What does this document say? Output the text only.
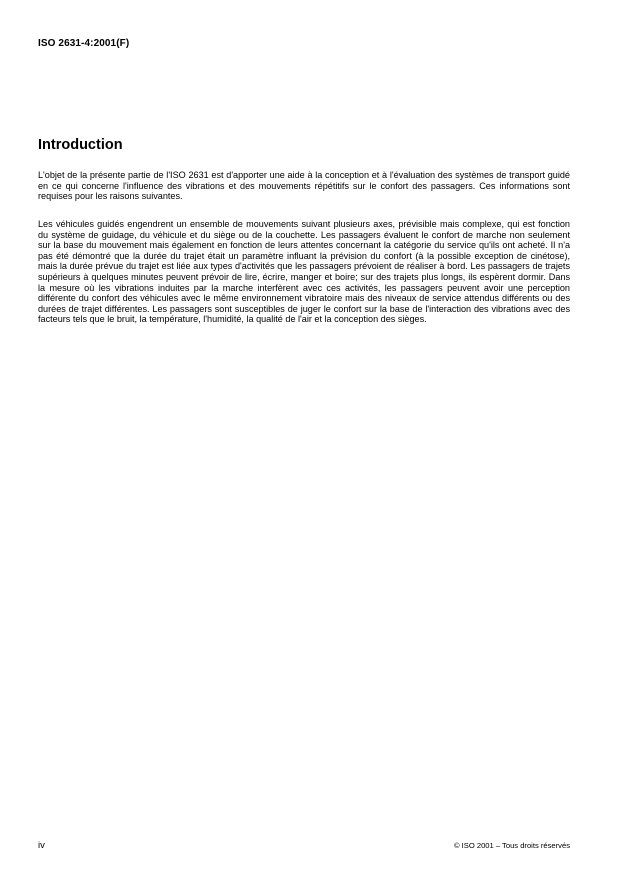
ISO 2631-4:2001(F)
Introduction

L'objet de la présente partie de l'ISO 2631 est d'apporter une aide à la conception et à l'évaluation des systèmes de transport guidé en ce qui concerne l'influence des vibrations et des mouvements répétitifs sur le confort des passagers. Ces informations sont requises pour les raisons suivantes.

Les véhicules guidés engendrent un ensemble de mouvements suivant plusieurs axes, prévisible mais complexe, qui est fonction du système de guidage, du véhicule et du siège ou de la couchette. Les passagers évaluent le confort de marche non seulement sur la base du mouvement mais également en fonction de leurs attentes concernant la catégorie du service qu'ils ont acheté. Il n'a pas été démontré que la durée du trajet était un paramètre influant la prévision du confort (à la possible exception de cinétose), mais la durée prévue du trajet est liée aux types d'activités que les passagers prévoient de réaliser à bord. Les passagers de trajets supérieurs à quelques minutes peuvent prévoir de lire, écrire, manger et boire; sur des trajets plus longs, ils espèrent dormir. Dans la mesure où les vibrations induites par la marche interfèrent avec ces activités, les passagers peuvent avoir une perception différente du confort des véhicules avec le même environnement vibratoire mais des niveaux de service attendus différents ou des durées de trajet différentes. Les passagers sont susceptibles de juger le confort sur la base de l'interaction des vibrations avec des facteurs tels que le bruit, la température, l'humidité, la qualité de l'air et la conception des sièges.

iv	© ISO 2001 – Tous droits réservés
